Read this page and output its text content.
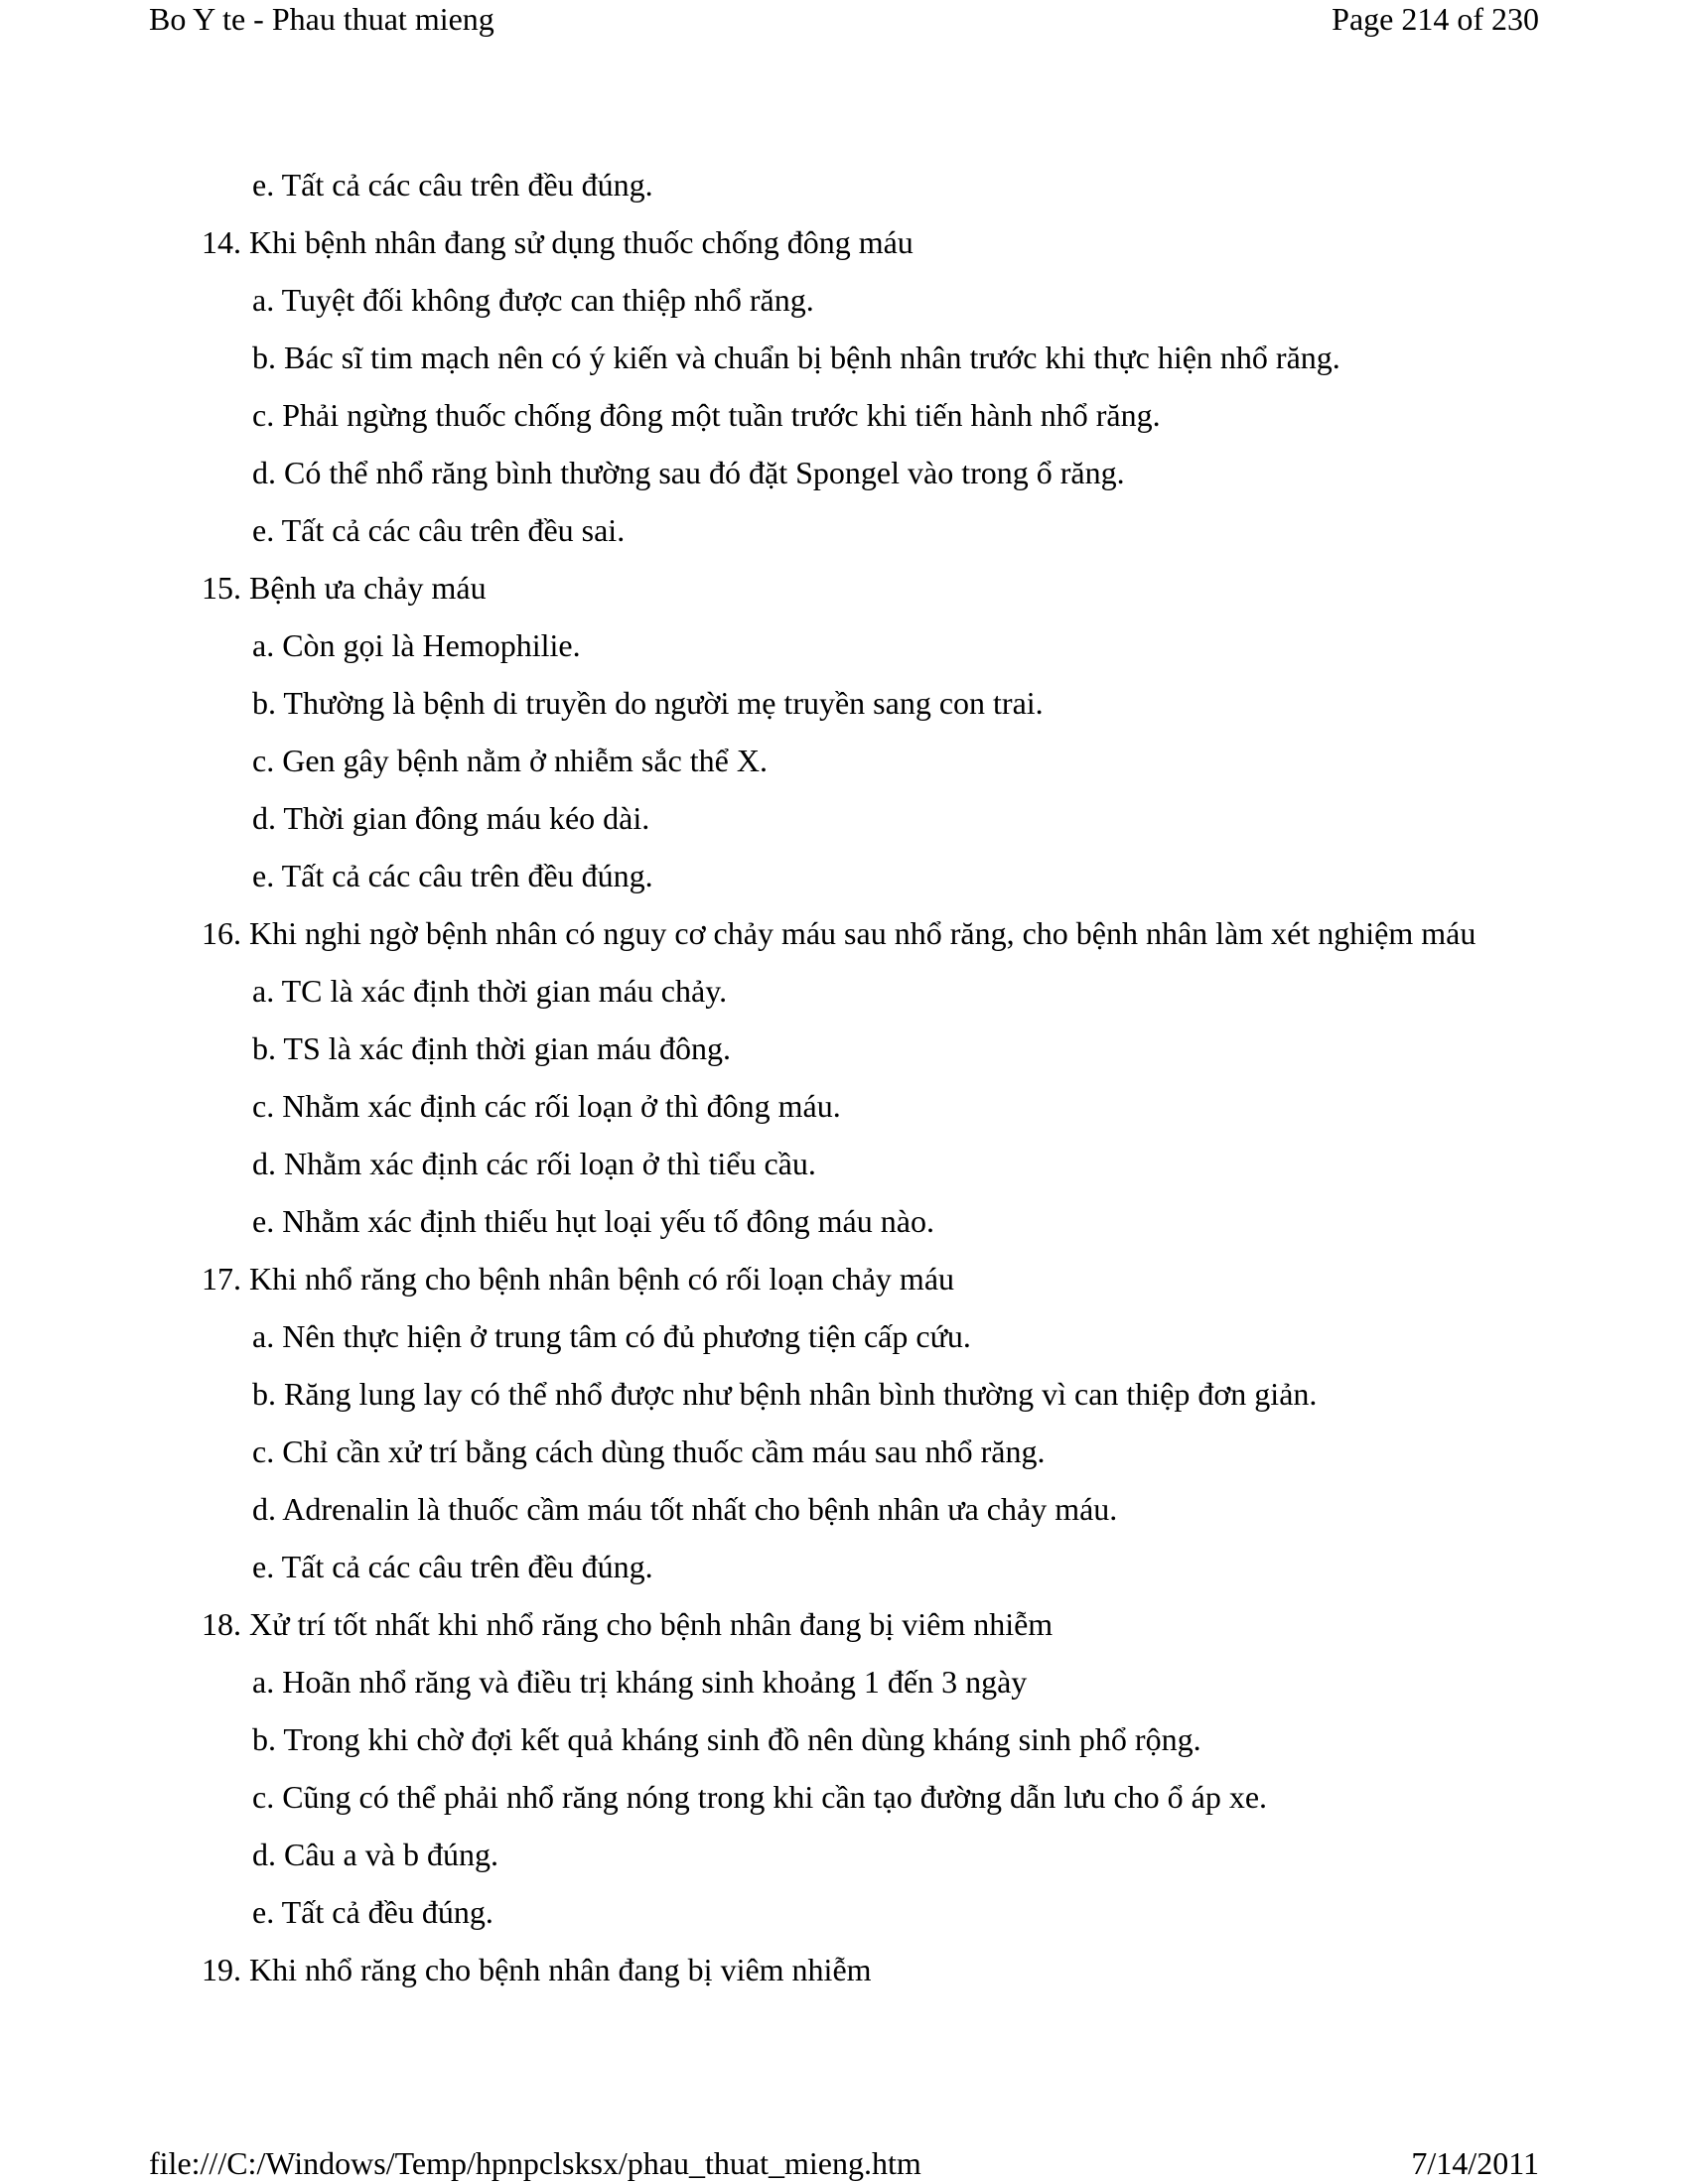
Bo Y te - Phau thuat mieng	Page 214 of 230
e. Tất cả các câu trên đều đúng.
14. Khi bệnh nhân đang sử dụng thuốc chống đông máu
a. Tuyệt đối không được can thiệp nhổ răng.
b. Bác sĩ tim mạch nên có ý kiến và chuẩn bị bệnh nhân trước khi thực hiện nhổ răng.
c. Phải ngừng thuốc chống đông một tuần trước khi tiến hành nhổ răng.
d. Có thể nhổ răng bình thường sau đó đặt Spongel vào trong ổ răng.
e. Tất cả các câu trên đều sai.
15. Bệnh ưa chảy máu
a. Còn gọi là Hemophilie.
b. Thường là bệnh di truyền do người mẹ truyền sang con trai.
c. Gen gây bệnh nằm ở nhiễm sắc thể X.
d. Thời gian đông máu kéo dài.
e. Tất cả các câu trên đều đúng.
16. Khi nghi ngờ bệnh nhân có nguy cơ chảy máu sau nhổ răng, cho bệnh nhân làm xét nghiệm máu
a. TC là xác định thời gian máu chảy.
b. TS là xác định thời gian máu đông.
c. Nhằm xác định các rối loạn ở thì đông máu.
d. Nhằm xác định các rối loạn ở thì tiểu cầu.
e. Nhằm xác định thiếu hụt loại yếu tố đông máu nào.
17. Khi nhổ răng cho bệnh nhân bệnh có rối loạn chảy máu
a. Nên thực hiện ở trung tâm có đủ phương tiện cấp cứu.
b. Răng lung lay có thể nhổ được như bệnh nhân bình thường vì can thiệp đơn giản.
c. Chỉ cần xử trí bằng cách dùng thuốc cầm máu sau nhổ răng.
d. Adrenalin là thuốc cầm máu tốt nhất cho bệnh nhân ưa chảy máu.
e. Tất cả các câu trên đều đúng.
18. Xử trí tốt nhất khi nhổ răng cho bệnh nhân đang bị viêm nhiễm
a. Hoãn nhổ răng và điều trị kháng sinh khoảng 1 đến 3 ngày
b. Trong khi chờ đợi kết quả kháng sinh đồ nên dùng kháng sinh phổ rộng.
c. Cũng có thể phải nhổ răng nóng trong khi cần tạo đường dẫn lưu cho ổ áp xe.
d. Câu a và b đúng.
e. Tất cả đều đúng.
19. Khi nhổ răng cho bệnh nhân đang bị viêm nhiễm
file:///C:/Windows/Temp/hpnpclsksx/phau_thuat_mieng.htm	7/14/2011
